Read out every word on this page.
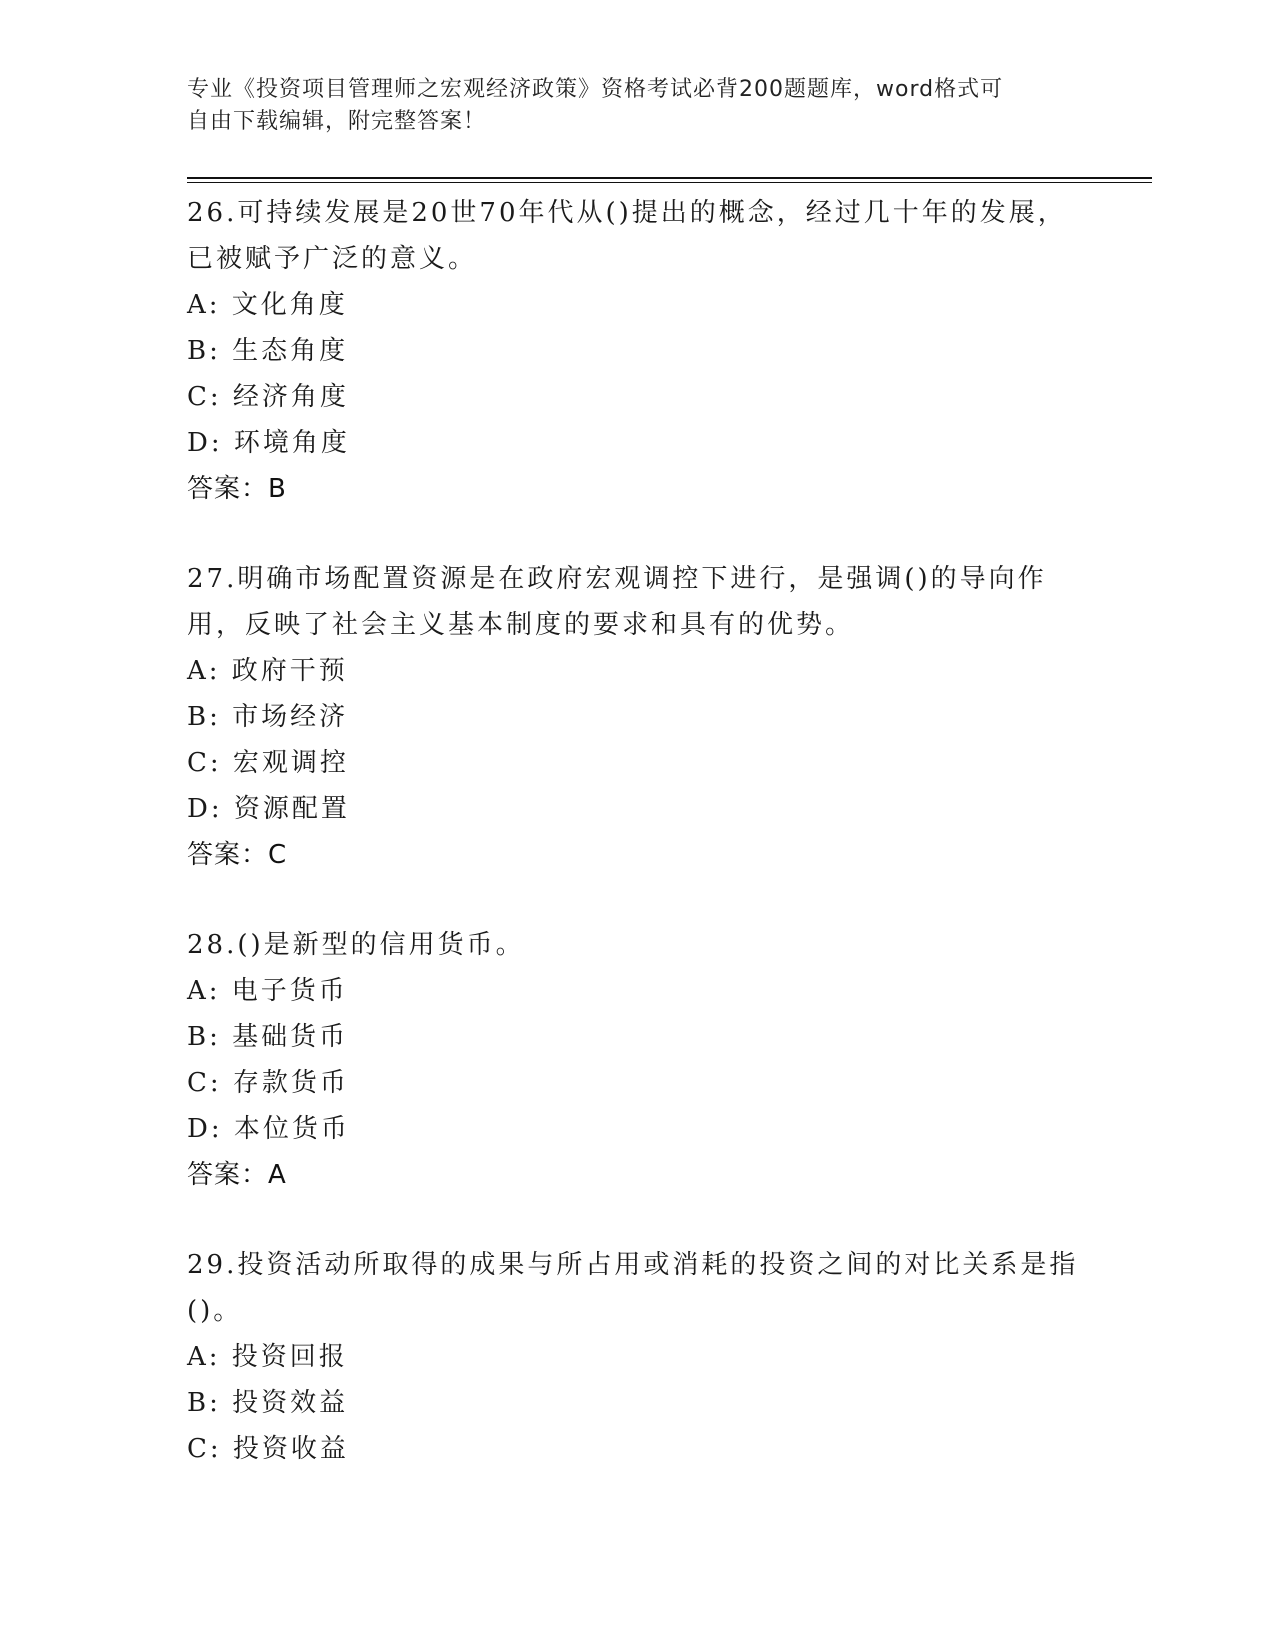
专业《投资项目管理师之宏观经济政策》资格考试必背200题题库，word格式可
自由下载编辑，附完整答案！

26.可持续发展是20世70年代从()提出的概念，经过几十年的发展，已被赋予广泛的意义。

A: 文化角度

B: 生态角度

C: 经济角度

D: 环境角度

答案：B

27.明确市场配置资源是在政府宏观调控下进行，是强调()的导向作用，反映了社会主义基本制度的要求和具有的优势。

A: 政府干预

B: 市场经济

C: 宏观调控

D: 资源配置

答案：C

28.()是新型的信用货币。

A: 电子货币

B: 基础货币

C: 存款货币

D: 本位货币

答案：A

29.投资活动所取得的成果与所占用或消耗的投资之间的对比关系是指()。

A: 投资回报

B: 投资效益

C: 投资收益
